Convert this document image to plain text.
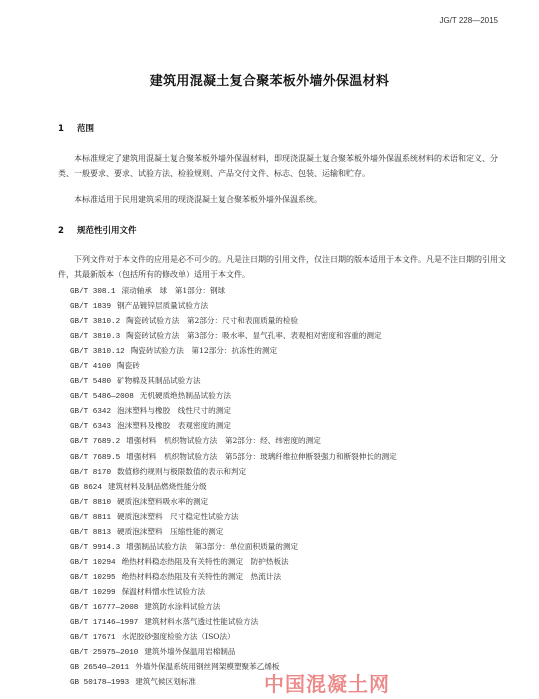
JG/T 228—2015
建筑用混凝土复合聚苯板外墙外保温材料
1 范围

本标准规定了建筑用混凝土复合聚苯板外墙外保温材料，即现浇混凝土复合聚苯板外墙外保温系统材料的术语和定义、分类、一般要求、要求、试验方法、检验规则、产品交付文件、标志、包装、运输和贮存。

本标准适用于民用建筑采用的现浇混凝土复合聚苯板外墙外保温系统。

2 规范性引用文件

下列文件对于本文件的应用是必不可少的。凡是注日期的引用文件，仅注日期的版本适用于本文件。凡是不注日期的引用文件，其最新版本（包括所有的修改单）适用于本文件。

GB/T 308.1 滚动轴承　球　第1部分：钢球
GB/T 1839 钢产品镀锌层质量试验方法
GB/T 3810.2 陶瓷砖试验方法　第2部分：尺寸和表面质量的检验
GB/T 3810.3 陶瓷砖试验方法　第3部分：吸水率、显气孔率、表观相对密度和容重的测定
GB/T 3810.12 陶瓷砖试验方法　第12部分：抗冻性的测定
GB/T 4100 陶瓷砖
GB/T 5480 矿物棉及其制品试验方法
GB/T 5486—2008 无机硬质绝热制品试验方法
GB/T 6342 泡沫塑料与橡胶　线性尺寸的测定
GB/T 6343 泡沫塑料及橡胶　表观密度的测定
GB/T 7689.2 增强材料　机织物试验方法　第2部分：经、纬密度的测定
GB/T 7689.5 增强材料　机织物试验方法　第5部分：玻璃纤维拉伸断裂强力和断裂伸长的测定
GB/T 8170 数值修约规则与极限数值的表示和判定
GB 8624 建筑材料及制品燃烧性能分级
GB/T 8810 硬质泡沫塑料吸水率的测定
GB/T 8811 硬质泡沫塑料　尺寸稳定性试验方法
GB/T 8813 硬质泡沫塑料　压缩性能的测定
GB/T 9914.3 增强制品试验方法　第3部分：单位面积质量的测定
GB/T 10294 绝热材料稳态热阻及有关特性的测定　防护热板法
GB/T 10295 绝热材料稳态热阻及有关特性的测定　热流计法
GB/T 10299 保温材料憎水性试验方法
GB/T 16777—2008 建筑防水涂料试验方法
GB/T 17146—1997 建筑材料水蒸气透过性能试验方法
GB/T 17671 水泥胶砂强度检验方法（ISO法）
GB/T 25975—2010 建筑外墙外保温用岩棉制品
GB 26540—2011 外墙外保温系统用钢丝网架模塑聚苯乙烯板
GB 50178—1993 建筑气候区划标准	中国混凝土网
